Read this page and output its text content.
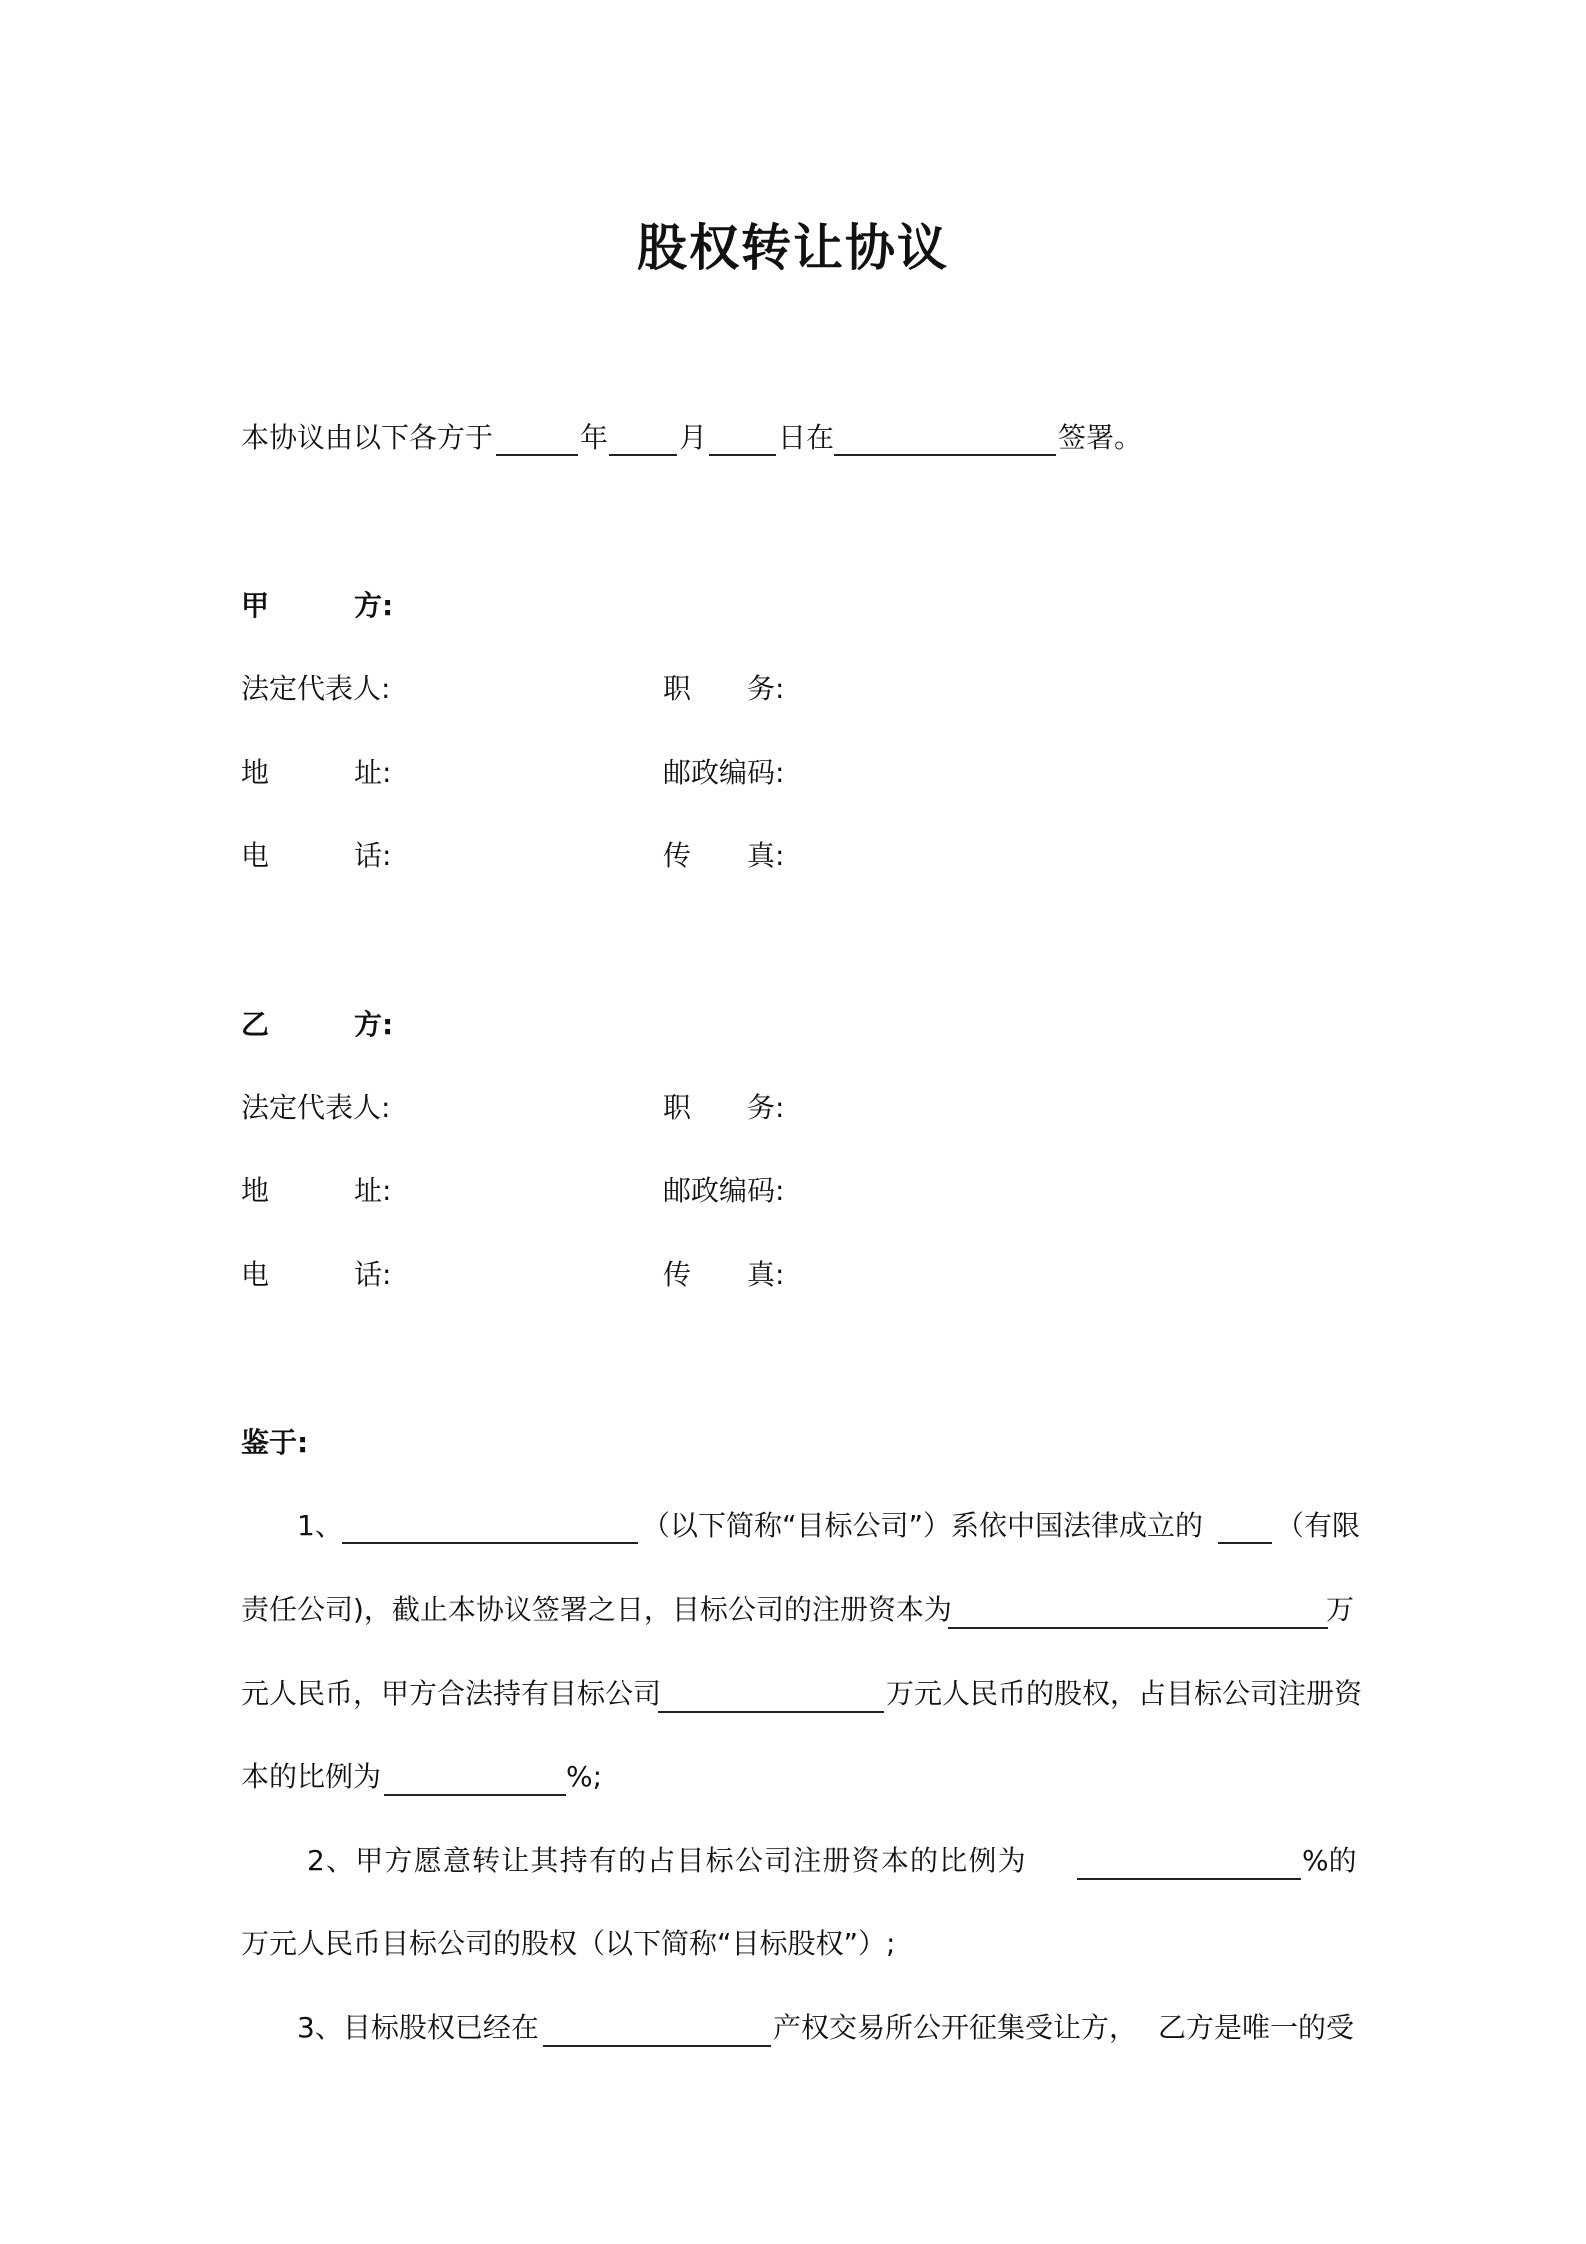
股权转让协议
本协议由以下各方于	年	月	日在	签署。
甲	方:
法定代表人:	职 务:
地	址:	邮政编码:
电	话:	传 真:
乙	方:
法定代表人:	职 务:
地	址:	邮政编码:
电	话:	传 真:
鉴于:
1、	（以下简称“目标公司”）系依中国法律成立的	（有限
责任公司)，截止本协议签署之日，目标公司的注册资本为	万
元人民币，甲方合法持有目标公司	万元人民币的股权，占目标公司注册资
本的比例为	%;
2、甲方愿意转让其持有的占目标公司注册资本的比例为	%的
万元人民币目标公司的股权（以下简称“目标股权”）;
3、目标股权已经在	产权交易所公开征集受让方， 乙方是唯一的受
